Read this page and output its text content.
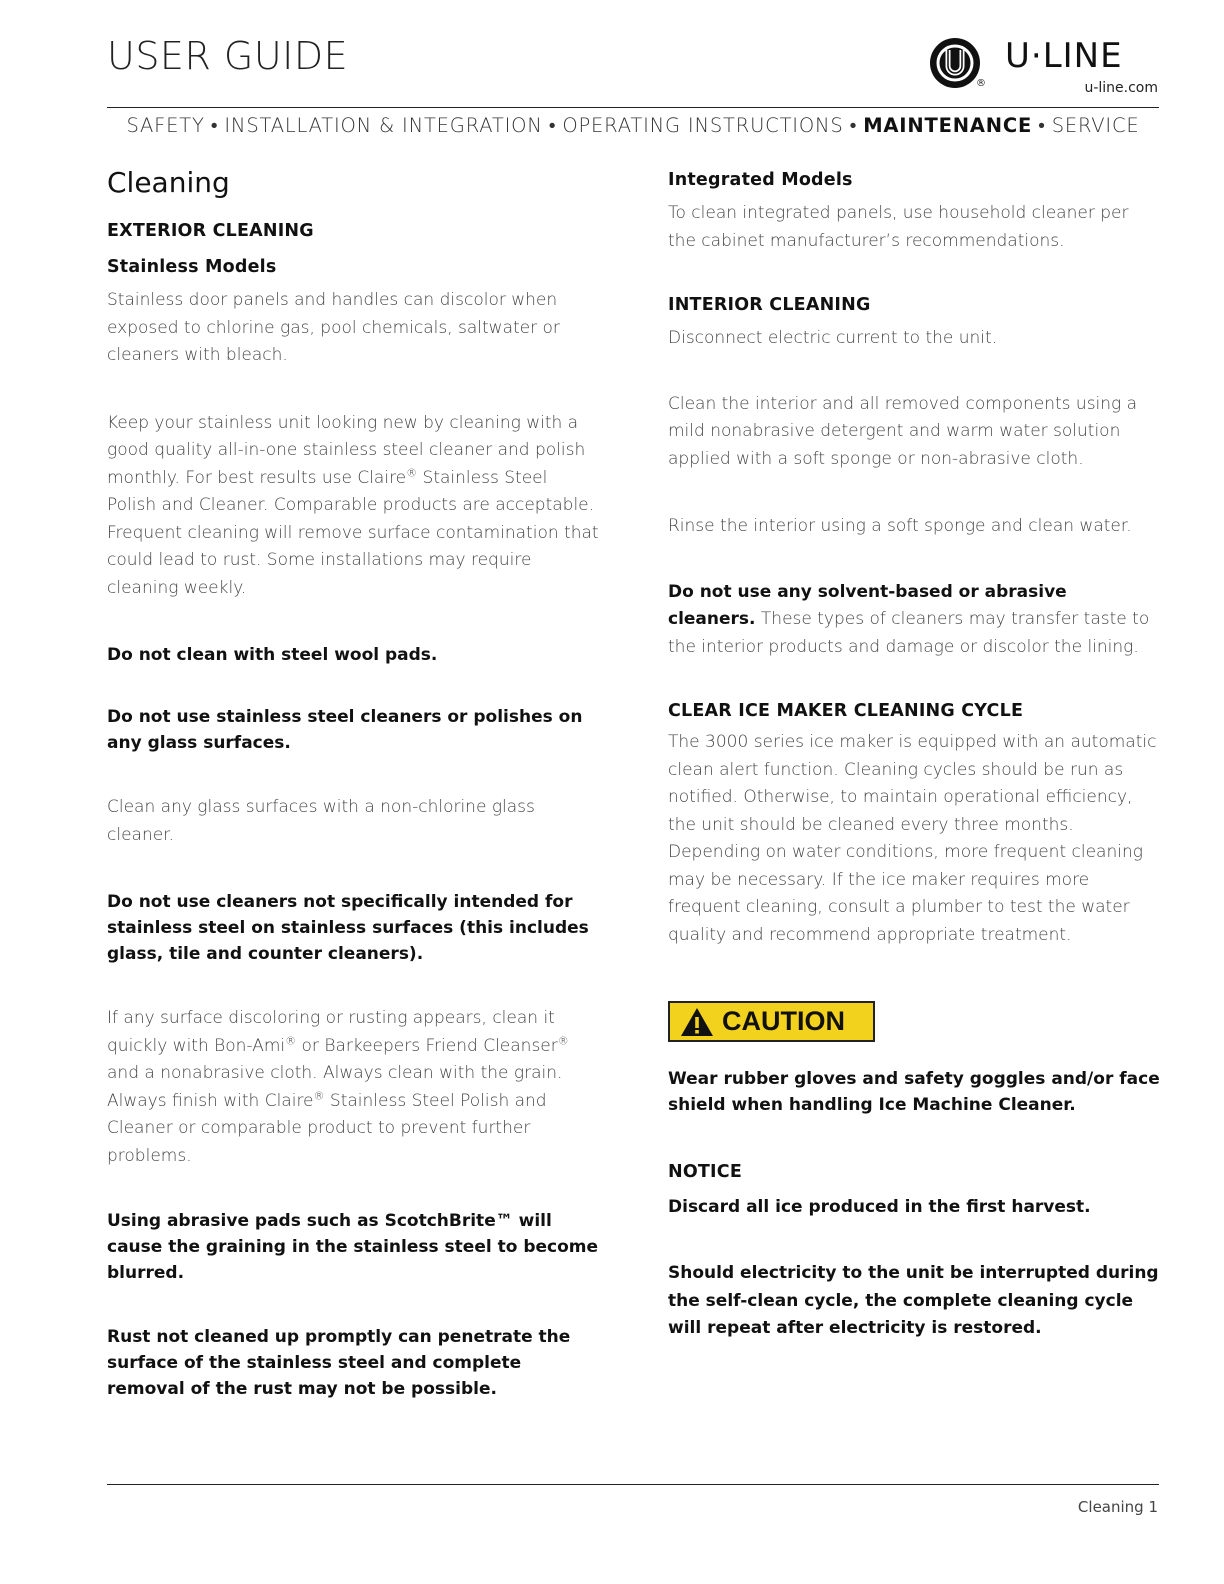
USER GUIDE
®
U·LINE
u-line.com
SAFETY • INSTALLATION & INTEGRATION • OPERATING INSTRUCTIONS • MAINTENANCE • SERVICE
Cleaning
EXTERIOR CLEANING
Stainless Models

Stainless door panels and handles can discolor when exposed to chlorine gas, pool chemicals, saltwater or cleaners with bleach.

Keep your stainless unit looking new by cleaning with a good quality all-in-one stainless steel cleaner and polish monthly. For best results use Claire® Stainless Steel Polish and Cleaner. Comparable products are acceptable. Frequent cleaning will remove surface contamination that could lead to rust. Some installations may require cleaning weekly.

Do not clean with steel wool pads.

Do not use stainless steel cleaners or polishes on any glass surfaces.

Clean any glass surfaces with a non-chlorine glass cleaner.

Do not use cleaners not specifically intended for stainless steel on stainless surfaces (this includes glass, tile and counter cleaners).

If any surface discoloring or rusting appears, clean it quickly with Bon-Ami® or Barkeepers Friend Cleanser® and a nonabrasive cloth. Always clean with the grain. Always finish with Claire® Stainless Steel Polish and Cleaner or comparable product to prevent further problems.

Using abrasive pads such as ScotchBrite™ will cause the graining in the stainless steel to become blurred.

Rust not cleaned up promptly can penetrate the surface of the stainless steel and complete removal of the rust may not be possible.

Integrated Models

To clean integrated panels, use household cleaner per the cabinet manufacturer’s recommendations.

INTERIOR CLEANING

Disconnect electric current to the unit.

Clean the interior and all removed components using a mild nonabrasive detergent and warm water solution applied with a soft sponge or non-abrasive cloth.

Rinse the interior using a soft sponge and clean water.

Do not use any solvent-based or abrasive cleaners. These types of cleaners may transfer taste to the interior products and damage or discolor the lining.

CLEAR ICE MAKER CLEANING CYCLE

The 3000 series ice maker is equipped with an automatic clean alert function. Cleaning cycles should be run as notified. Otherwise, to maintain operational efficiency, the unit should be cleaned every three months. Depending on water conditions, more frequent cleaning may be necessary. If the ice maker requires more frequent cleaning, consult a plumber to test the water quality and recommend appropriate treatment.

CAUTION

Wear rubber gloves and safety goggles and/or face shield when handling Ice Machine Cleaner.

NOTICE

Discard all ice produced in the first harvest.

Should electricity to the unit be interrupted during the self-clean cycle, the complete cleaning cycle will repeat after electricity is restored.

Cleaning 1
